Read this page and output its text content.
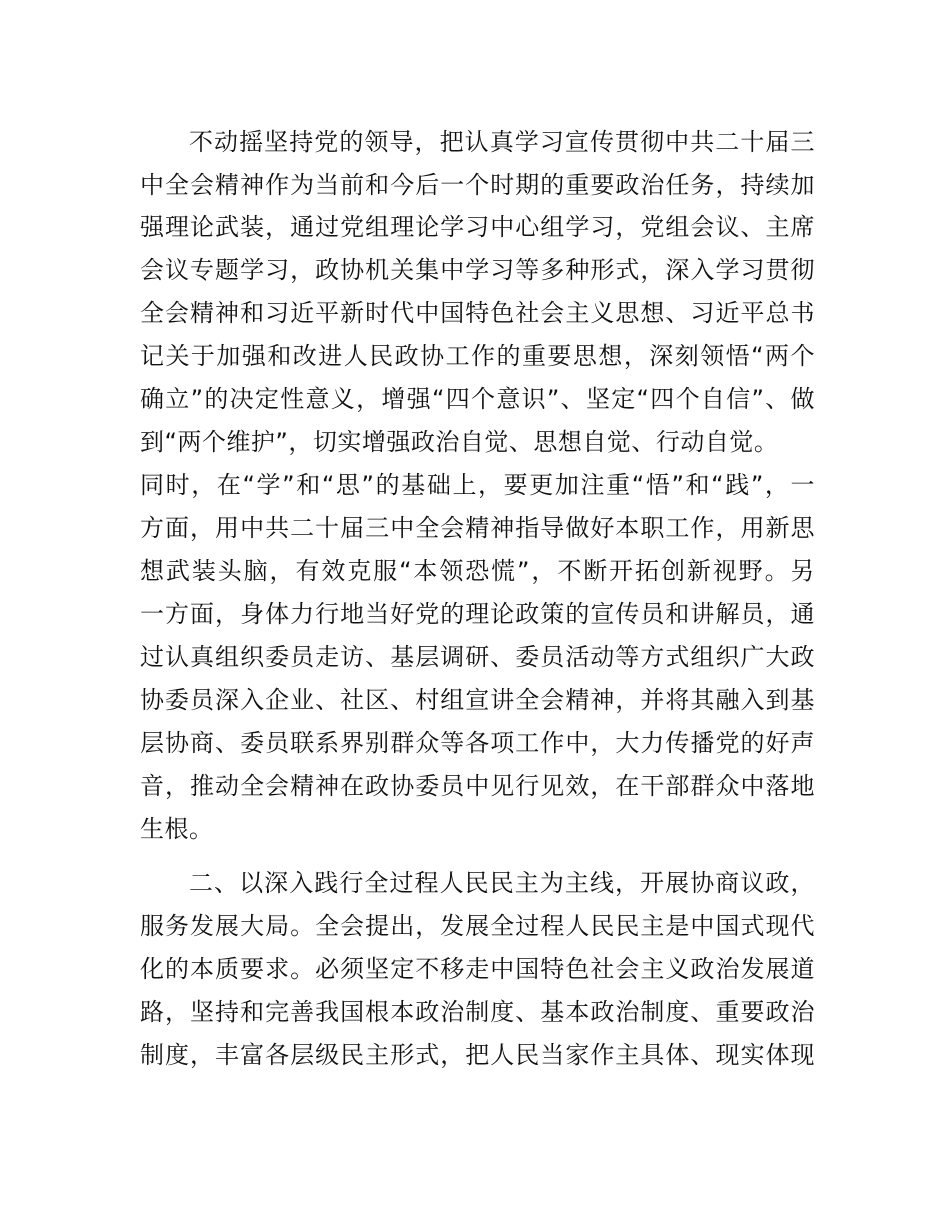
不动摇坚持党的领导，把认真学习宣传贯彻中共二十届三
中全会精神作为当前和今后一个时期的重要政治任务，持续加
强理论武装，通过党组理论学习中心组学习，党组会议、主席
会议专题学习，政协机关集中学习等多种形式，深入学习贯彻
全会精神和习近平新时代中国特色社会主义思想、习近平总书
记关于加强和改进人民政协工作的重要思想，深刻领悟“两个
确立”的决定性意义，增强“四个意识”、坚定“四个自信”、做
到“两个维护”，切实增强政治自觉、思想自觉、行动自觉。
同时，在“学”和“思”的基础上，要更加注重“悟”和“践”，一
方面，用中共二十届三中全会精神指导做好本职工作，用新思
想武装头脑，有效克服“本领恐慌”，不断开拓创新视野。另
一方面，身体力行地当好党的理论政策的宣传员和讲解员，通
过认真组织委员走访、基层调研、委员活动等方式组织广大政
协委员深入企业、社区、村组宣讲全会精神，并将其融入到基
层协商、委员联系界别群众等各项工作中，大力传播党的好声
音，推动全会精神在政协委员中见行见效，在干部群众中落地
生根。
二、以深入践行全过程人民民主为主线，开展协商议政，
服务发展大局。全会提出，发展全过程人民民主是中国式现代
化的本质要求。必须坚定不移走中国特色社会主义政治发展道
路，坚持和完善我国根本政治制度、基本政治制度、重要政治
制度，丰富各层级民主形式，把人民当家作主具体、现实体现
